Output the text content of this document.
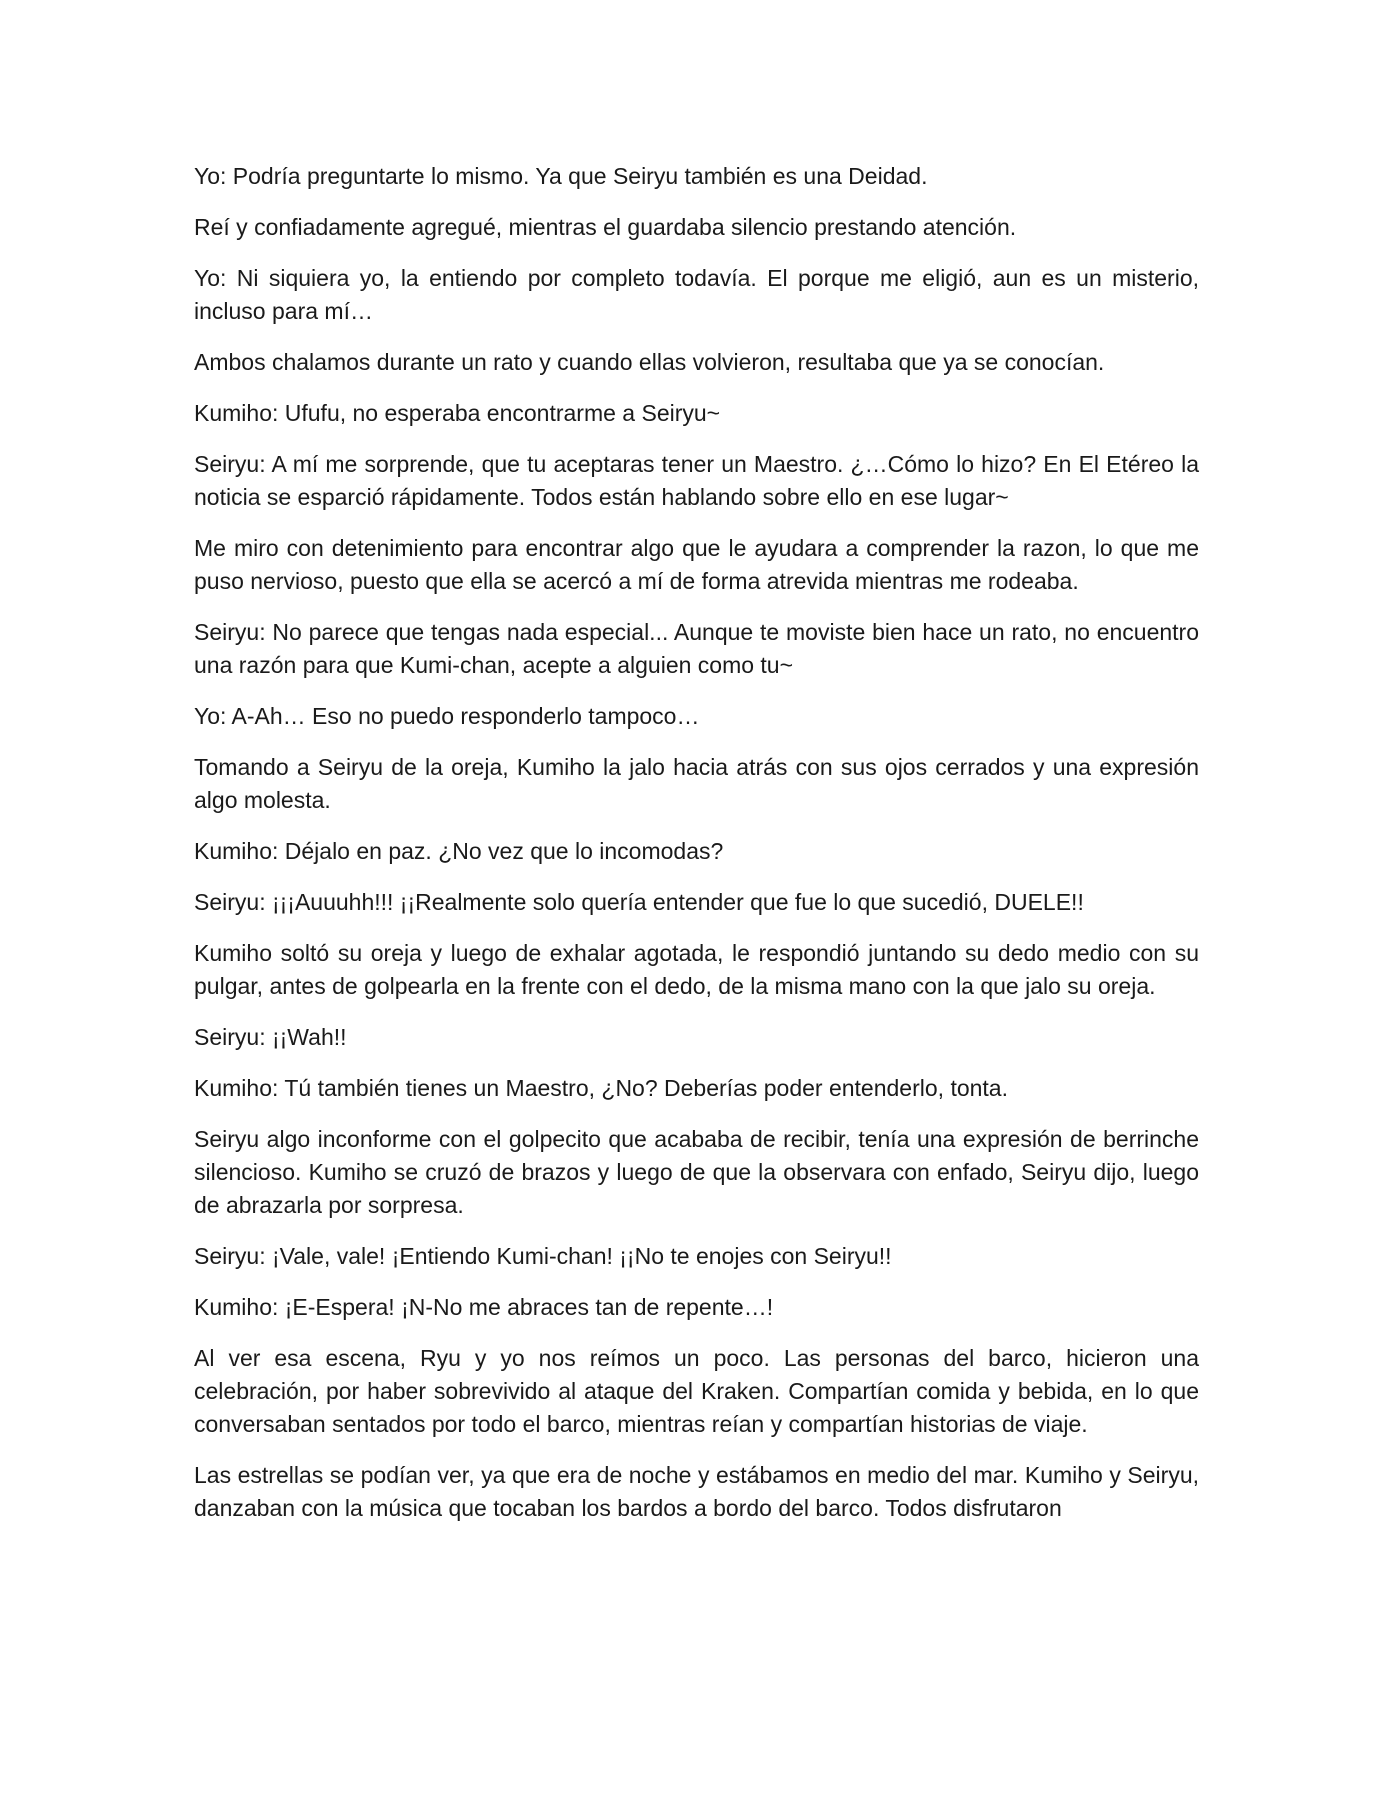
Yo: Podría preguntarte lo mismo. Ya que Seiryu también es una Deidad.

Reí y confiadamente agregué, mientras el guardaba silencio prestando atención.

Yo: Ni siquiera yo, la entiendo por completo todavía. El porque me eligió, aun es un misterio, incluso para mí…

Ambos chalamos durante un rato y cuando ellas volvieron, resultaba que ya se conocían.

Kumiho: Ufufu, no esperaba encontrarme a Seiryu~

Seiryu: A mí me sorprende, que tu aceptaras tener un Maestro. ¿…Cómo lo hizo? En El Etéreo la noticia se esparció rápidamente. Todos están hablando sobre ello en ese lugar~

Me miro con detenimiento para encontrar algo que le ayudara a comprender la razon, lo que me puso nervioso, puesto que ella se acercó a mí de forma atrevida mientras me rodeaba.

Seiryu: No parece que tengas nada especial... Aunque te moviste bien hace un rato, no encuentro una razón para que Kumi-chan, acepte a alguien como tu~

Yo: A-Ah… Eso no puedo responderlo tampoco…

Tomando a Seiryu de la oreja, Kumiho la jalo hacia atrás con sus ojos cerrados y una expresión algo molesta.

Kumiho: Déjalo en paz. ¿No vez que lo incomodas?

Seiryu: ¡¡¡Auuuhh!!! ¡¡Realmente solo quería entender que fue lo que sucedió, DUELE!!

Kumiho soltó su oreja y luego de exhalar agotada, le respondió juntando su dedo medio con su pulgar, antes de golpearla en la frente con el dedo, de la misma mano con la que jalo su oreja.

Seiryu: ¡¡Wah!!

Kumiho: Tú también tienes un Maestro, ¿No? Deberías poder entenderlo, tonta.

Seiryu algo inconforme con el golpecito que acababa de recibir, tenía una expresión de berrinche silencioso. Kumiho se cruzó de brazos y luego de que la observara con enfado, Seiryu dijo, luego de abrazarla por sorpresa.

Seiryu: ¡Vale, vale! ¡Entiendo Kumi-chan! ¡¡No te enojes con Seiryu!!

Kumiho: ¡E-Espera! ¡N-No me abraces tan de repente…!

Al ver esa escena, Ryu y yo nos reímos un poco. Las personas del barco, hicieron una celebración, por haber sobrevivido al ataque del Kraken. Compartían comida y bebida, en lo que conversaban sentados por todo el barco, mientras reían y compartían historias de viaje.

Las estrellas se podían ver, ya que era de noche y estábamos en medio del mar. Kumiho y Seiryu, danzaban con la música que tocaban los bardos a bordo del barco. Todos disfrutaron
